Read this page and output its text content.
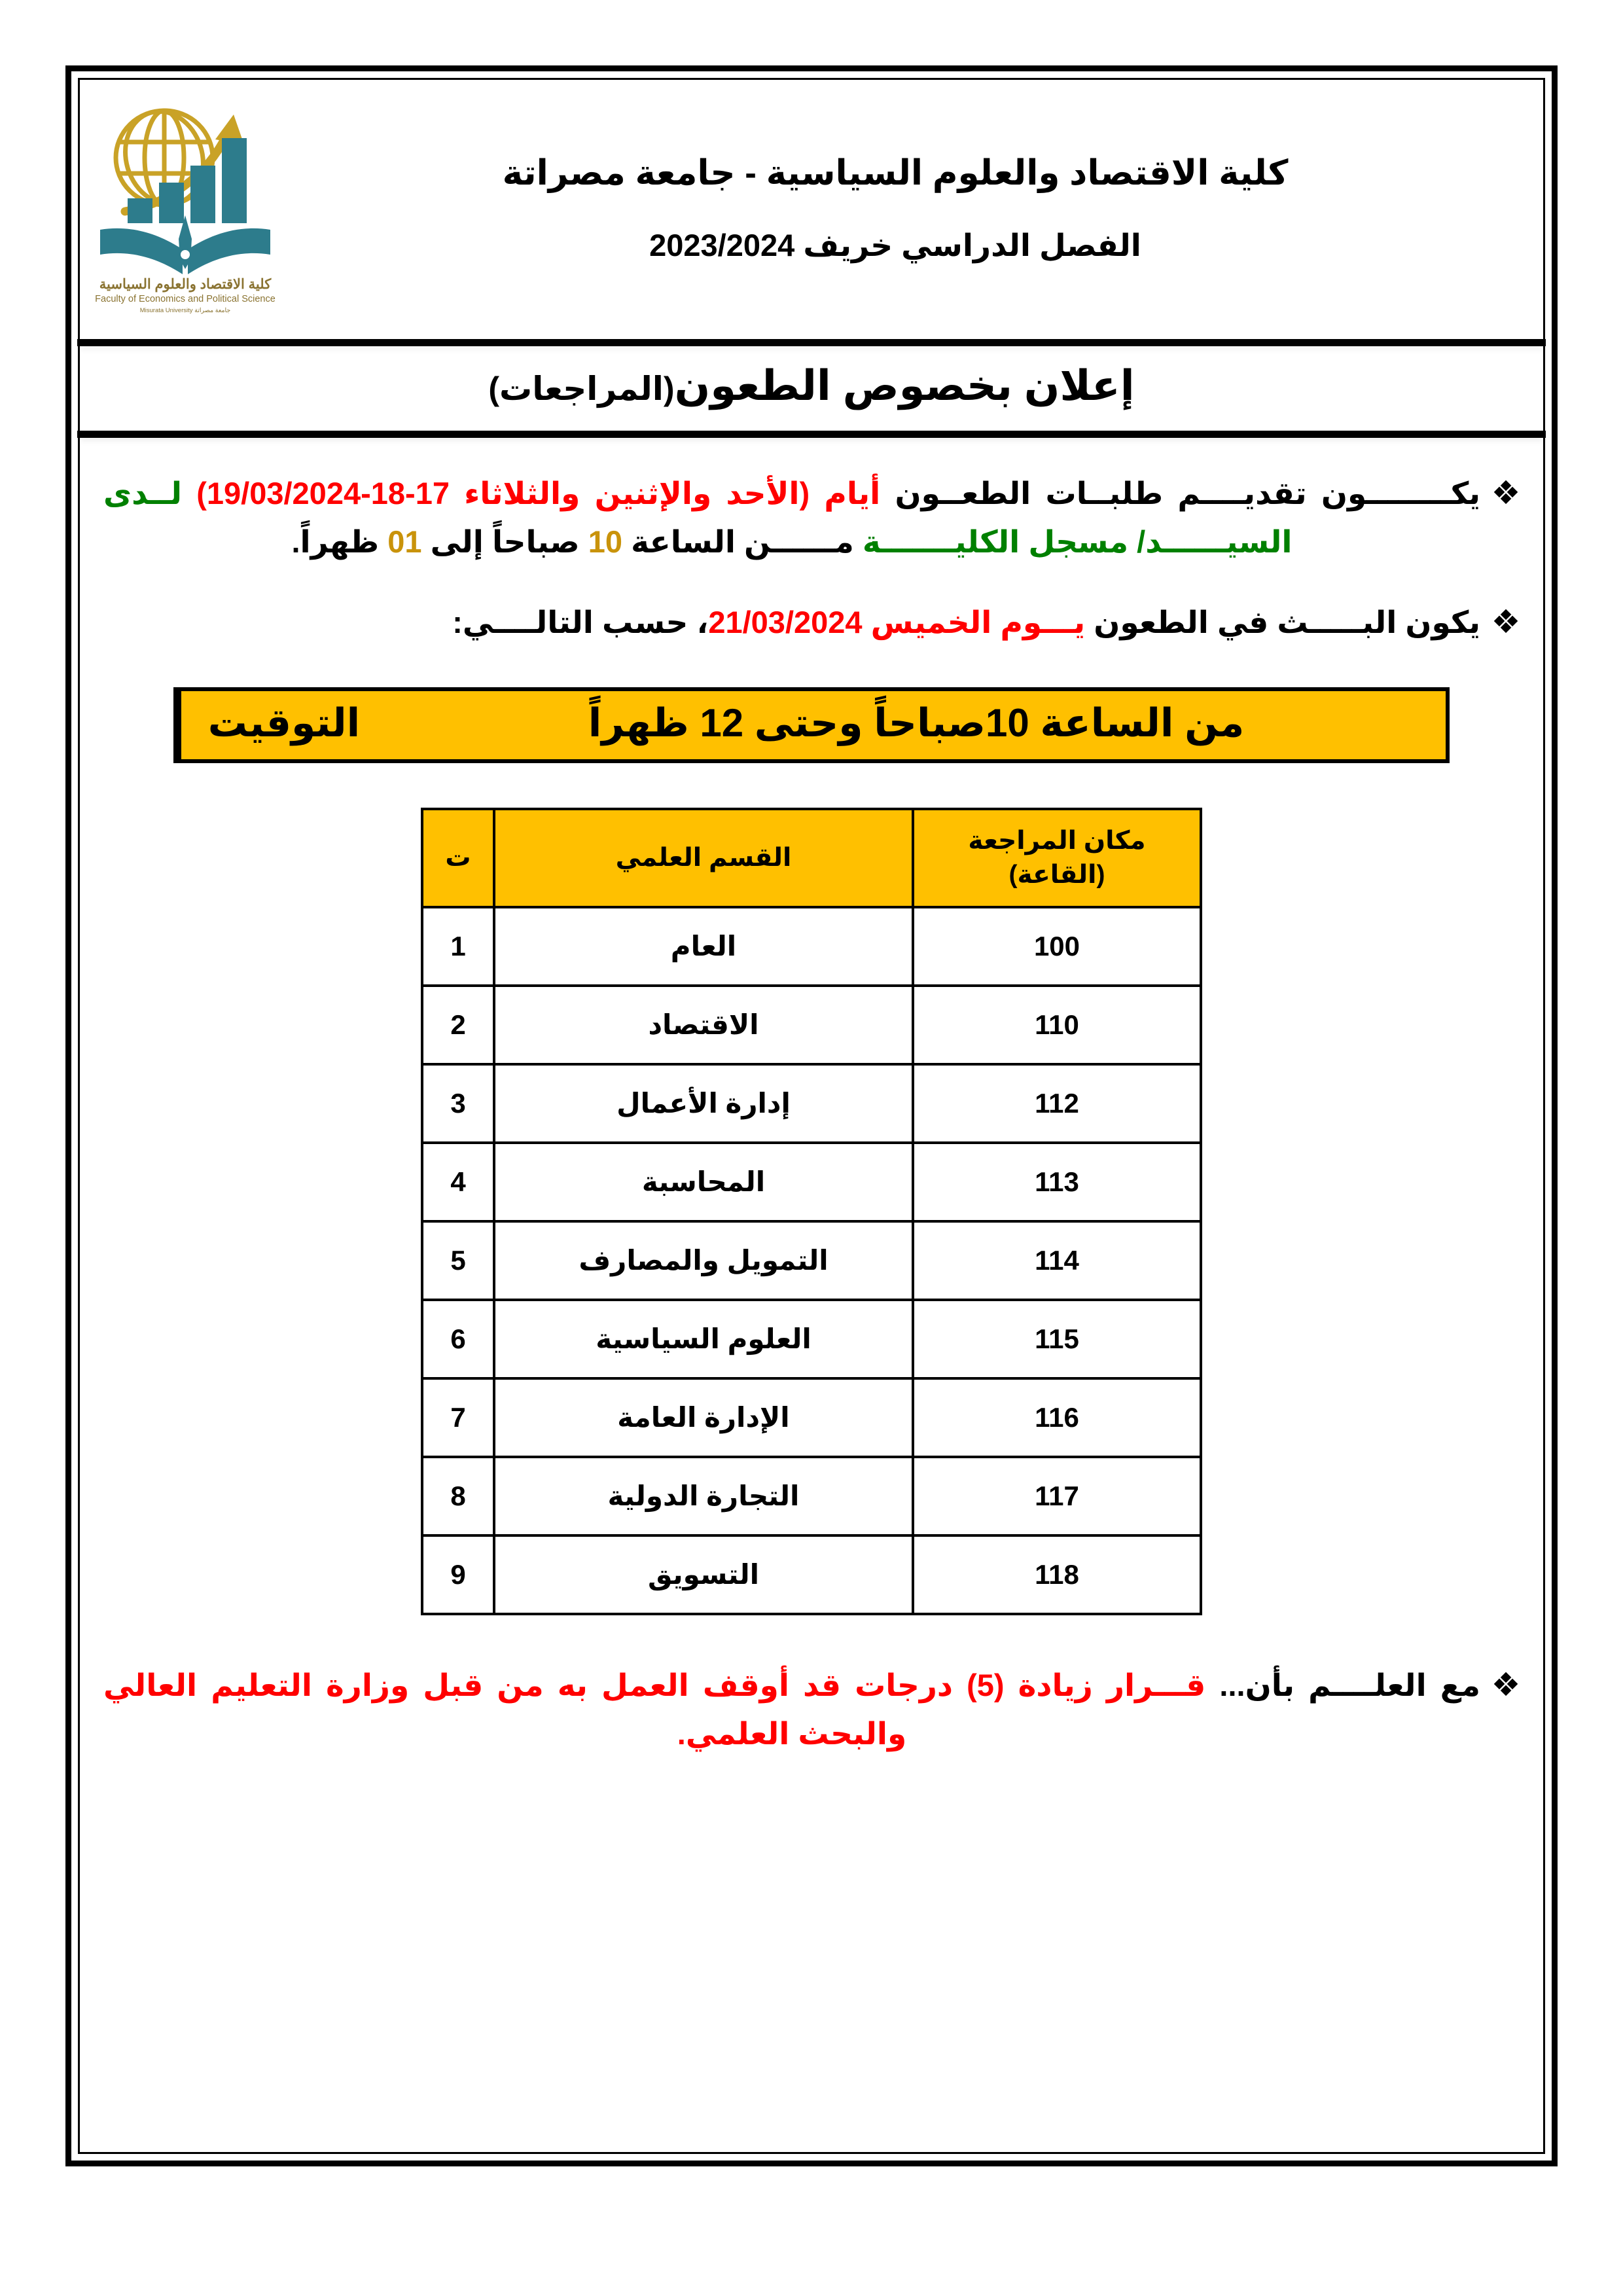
كلية الاقتصاد والعلوم السياسية
Faculty of Economics and Political Science
جامعة مصراتة Misurata University
كلية الاقتصاد والعلوم السياسية - جامعة مصراتة
الفصل الدراسي خريف 2023/2024
إعلان بخصوص الطعون(المراجعات)
❖
يكــــــــون تقديــــم طلبــات الطعــون أيام (الأحد والإثنين والثلاثاء 17-18-19/03/2024) لــدى السيــــــد/ مسجل الكليـــــــة مــــــن الساعة 10 صباحاً إلى 01 ظهراً.
❖
يكون البـــــث في الطعون يـــوم الخميس 21/03/2024، حسب التالــــي:
من الساعة 10صباحاً وحتى 12 ظهراً
التوقيت
مكان المراجعة (القاعة)	القسم العلمي	ت
100	العام	1
110	الاقتصاد	2
112	إدارة الأعمال	3
113	المحاسبة	4
114	التمويل والمصارف	5
115	العلوم السياسية	6
116	الإدارة العامة	7
117	التجارة الدولية	8
118	التسويق	9
❖
مع العلــــم بأن... قـــرار زيادة (5) درجات قد أوقف العمل به من قبل وزارة التعليم العالي والبحث العلمي.
